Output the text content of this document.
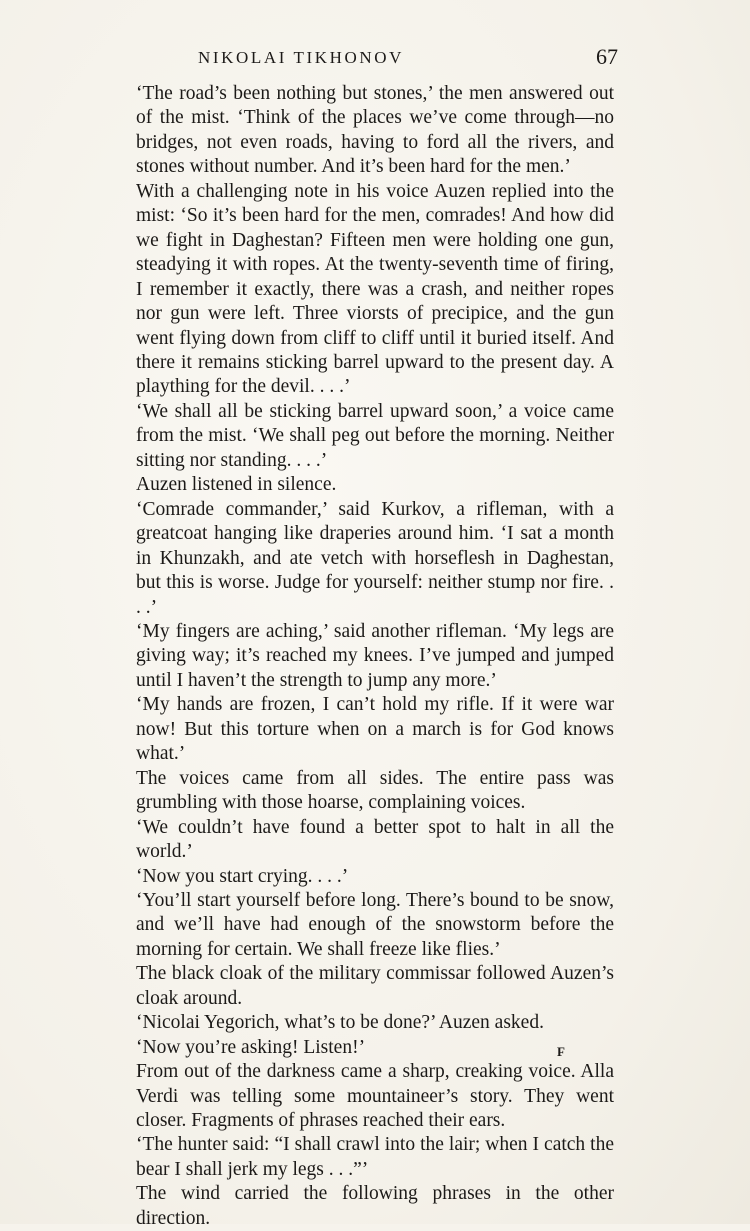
NIKOLAI TIKHONOV	67

‘The road’s been nothing but stones,’ the men answered out of the mist. ‘Think of the places we’ve come through—no bridges, not even roads, having to ford all the rivers, and stones without number. And it’s been hard for the men.’

With a challenging note in his voice Auzen replied into the mist: ‘So it’s been hard for the men, comrades! And how did we fight in Daghestan? Fifteen men were holding one gun, steadying it with ropes. At the twenty-seventh time of firing, I remember it exactly, there was a crash, and neither ropes nor gun were left. Three viorsts of precipice, and the gun went flying down from cliff to cliff until it buried itself. And there it remains sticking barrel upward to the present day. A plaything for the devil. . . .’

‘We shall all be sticking barrel upward soon,’ a voice came from the mist. ‘We shall peg out before the morning. Neither sitting nor standing. . . .’

Auzen listened in silence.

‘Comrade commander,’ said Kurkov, a rifleman, with a greatcoat hanging like draperies around him. ‘I sat a month in Khunzakh, and ate vetch with horseflesh in Daghestan, but this is worse. Judge for yourself: neither stump nor fire. . . .’

‘My fingers are aching,’ said another rifleman. ‘My legs are giving way; it’s reached my knees. I’ve jumped and jumped until I haven’t the strength to jump any more.’

‘My hands are frozen, I can’t hold my rifle. If it were war now! But this torture when on a march is for God knows what.’

The voices came from all sides. The entire pass was grumbling with those hoarse, complaining voices.

‘We couldn’t have found a better spot to halt in all the world.’

‘Now you start crying. . . .’

‘You’ll start yourself before long. There’s bound to be snow, and we’ll have had enough of the snowstorm before the morning for certain. We shall freeze like flies.’

The black cloak of the military commissar followed Auzen’s cloak around.

‘Nicolai Yegorich, what’s to be done?’ Auzen asked.

‘Now you’re asking! Listen!’

From out of the darkness came a sharp, creaking voice. Alla Verdi was telling some mountaineer’s story. They went closer. Fragments of phrases reached their ears.

‘The hunter said: “I shall crawl into the lair; when I catch the bear I shall jerk my legs . . .”’

The wind carried the following phrases in the other direction.

F
